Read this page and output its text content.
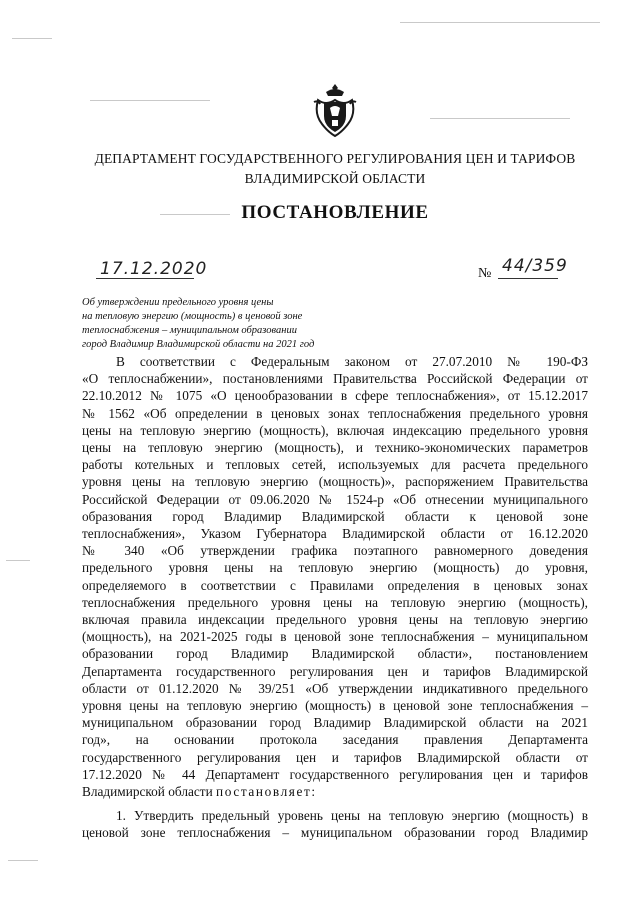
ДЕПАРТАМЕНТ ГОСУДАРСТВЕННОГО РЕГУЛИРОВАНИЯ ЦЕН И ТАРИФОВ
ВЛАДИМИРСКОЙ ОБЛАСТИ
ПОСТАНОВЛЕНИЕ
17.12.2020	№ 44/359
Об утверждении предельного уровня цены
на тепловую энергию (мощность) в ценовой зоне
теплоснабжения – муниципальном образовании
город Владимир Владимирской области на 2021 год
В соответствии с Федеральным законом от 27.07.2010 № 190-ФЗ
«О теплоснабжении», постановлениями Правительства Российской Федерации от
22.10.2012 № 1075 «О ценообразовании в сфере теплоснабжения», от 15.12.2017
№ 1562 «Об определении в ценовых зонах теплоснабжения предельного уровня
цены на тепловую энергию (мощность), включая индексацию предельного уровня
цены на тепловую энергию (мощность), и технико-экономических параметров
работы котельных и тепловых сетей, используемых для расчета предельного
уровня цены на тепловую энергию (мощность)», распоряжением Правительства
Российской Федерации от 09.06.2020 № 1524-р «Об отнесении муниципального
образования город Владимир Владимирской области к ценовой зоне
теплоснабжения», Указом Губернатора Владимирской области от 16.12.2020
№ 340 «Об утверждении графика поэтапного равномерного доведения
предельного уровня цены на тепловую энергию (мощность) до уровня,
определяемого в соответствии с Правилами определения в ценовых зонах
теплоснабжения предельного уровня цены на тепловую энергию (мощность),
включая правила индексации предельного уровня цены на тепловую энергию
(мощность), на 2021-2025 годы в ценовой зоне теплоснабжения – муниципальном
образовании город Владимир Владимирской области», постановлением
Департамента государственного регулирования цен и тарифов Владимирской
области от 01.12.2020 № 39/251 «Об утверждении индикативного предельного
уровня цены на тепловую энергию (мощность) в ценовой зоне теплоснабжения –
муниципальном образовании город Владимир Владимирской области на 2021
год», на основании протокола заседания правления Департамента
государственного регулирования цен и тарифов Владимирской области от
17.12.2020 № 44 Департамент государственного регулирования цен и тарифов
Владимирской области постановляет:
1. Утвердить предельный уровень цены на тепловую энергию (мощность) в
ценовой зоне теплоснабжения – муниципальном образовании город Владимир
